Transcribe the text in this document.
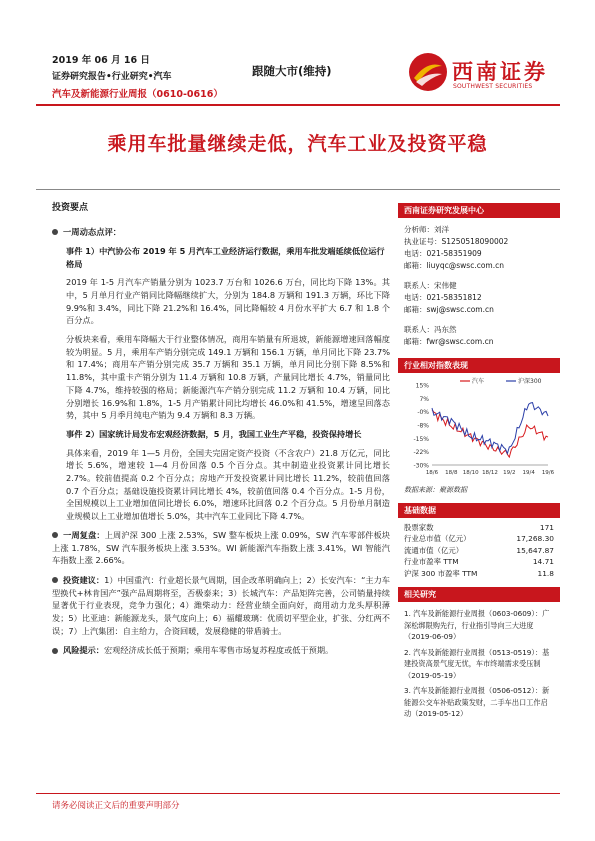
2019 年 06 月 16 日
证券研究报告•行业研究•汽车
汽车及新能源行业周报（0610-0616）
跟随大市(维持)	西南证券
SOUTHWEST SECURITIES
乘用车批量继续走低，汽车工业及投资平稳
投资要点
一周动态点评：
事件 1）中汽协公布 2019 年 5 月汽车工业经济运行数据，乘用车批发端延续低位运行格局
2019 年 1-5 月汽车产销量分别为 1023.7 万台和 1026.6 万台，同比均下降 13%。其中，5 月单月行业产销同比降幅继续扩大，分别为 184.8 万辆和 191.3 万辆，环比下降 9.9%和 3.4%，同比下降 21.2%和 16.4%，同比降幅较 4 月份水平扩大 6.7 和 1.8 个百分点。
分板块来看，乘用车降幅大于行业整体情况，商用车销量有所退坡，新能源增速回落幅度较为明显。5 月，乘用车产销分别完成 149.1 万辆和 156.1 万辆，单月同比下降 23.7%和 17.4%；商用车产销分别完成 35.7 万辆和 35.1 万辆，单月同比分别下降 8.5%和 11.8%，其中重卡产销分别为 11.4 万辆和 10.8 万辆，产量同比增长 4.7%，销量同比下降 4.7%，维持较强的格局；新能源汽车产销分别完成 11.2 万辆和 10.4 万辆，同比分别增长 16.9%和 1.8%，1-5 月产销累计同比均增长 46.0%和 41.5%，增速呈回落态势，其中 5 月季月纯电产销为 9.4 万辆和 8.3 万辆。
事件 2）国家统计局发布宏观经济数据，5 月，我国工业生产平稳，投资保持增长
具体来看，2019 年 1—5 月份，全国夫完固定资产投资（不含农户）21.8 万亿元，同比增长 5.6%，增速较 1—4 月份回落 0.5 个百分点。其中制造业投资累计同比增长 2.7%。较前值提高 0.2 个百分点；房地产开发投资累计同比增长 11.2%，较前值回落 0.7 个百分点；基础设施投资累计同比增长 4%，较前值回落 0.4 个百分点。1-5 月份，全国规模以上工业增加值同比增长 6.0%，增速环比回落 0.2 个百分点。5 月份单月制造业规模以上工业增加值增长 5.0%，其中汽车工业同比下降 4.7%。
一周复盘：上周沪深 300 上涨 2.53%，SW 整车板块上涨 0.09%，SW 汽车零部件板块上涨 1.78%，SW 汽车服务板块上涨 3.53%。WI 新能源汽车指数上涨 3.41%，WI 智能汽车指数上涨 2.66%。
投资建议：1）中国重汽：行业超长景气周期，国企改革明确向上；2）长安汽车：“主力车型换代+林肯国产”强产品周期将至，否极泰来；3）长城汽车：产品矩阵完善，公司销量持续显著优于行业表现，竞争力强化；4）潍柴动力：经营业绩全面向好，商用动力龙头厚积薄发；5）比亚迪：新能源龙头，景气度向上；6）福耀玻璃：优质切平型企业，扩张、分红两不误；7）上汽集团：自主给力，合资回暖，发展稳健的带盾骑士。
风险提示：宏观经济成长低于预期；乘用车零售市场复苏程度或低于预期。
西南证券研究发展中心
分析师：刘洋
执业证号：S1250518090002
电话：021-58351909
邮箱：liuyqc@swsc.com.cn
联系人：宋伟健
电话：021-58351812
邮箱：swj@swsc.com.cn
联系人：冯东然
邮箱：fwr@swsc.com.cn
行业相对指数表现
15%
7%
-0%
-8%
-15%
-22%
-30%
18/6 18/8 18/10 18/12 19/2 19/4 19/6
汽车	沪深300
数据来源：聚源数据
基础数据
股票家数	171
行业总市值（亿元）	17,268.30
流通市值（亿元）	15,647.87
行业市盈率 TTM	14.71
沪深 300 市盈率 TTM	11.8
相关研究
1. 汽车及新能源行业周报（0603-0609）：广深松绑限购先行，行业指引导向三大进度（2019-06-09）
2. 汽车及新能源行业周报（0513-0519）：基建投资高景气度无忧，车市终端需求受压制（2019-05-19）
3. 汽车及新能源行业周报（0506-0512）：新能源公交车补贴政策发财，二手车出口工作启动（2019-05-12）
请务必阅读正文后的重要声明部分
